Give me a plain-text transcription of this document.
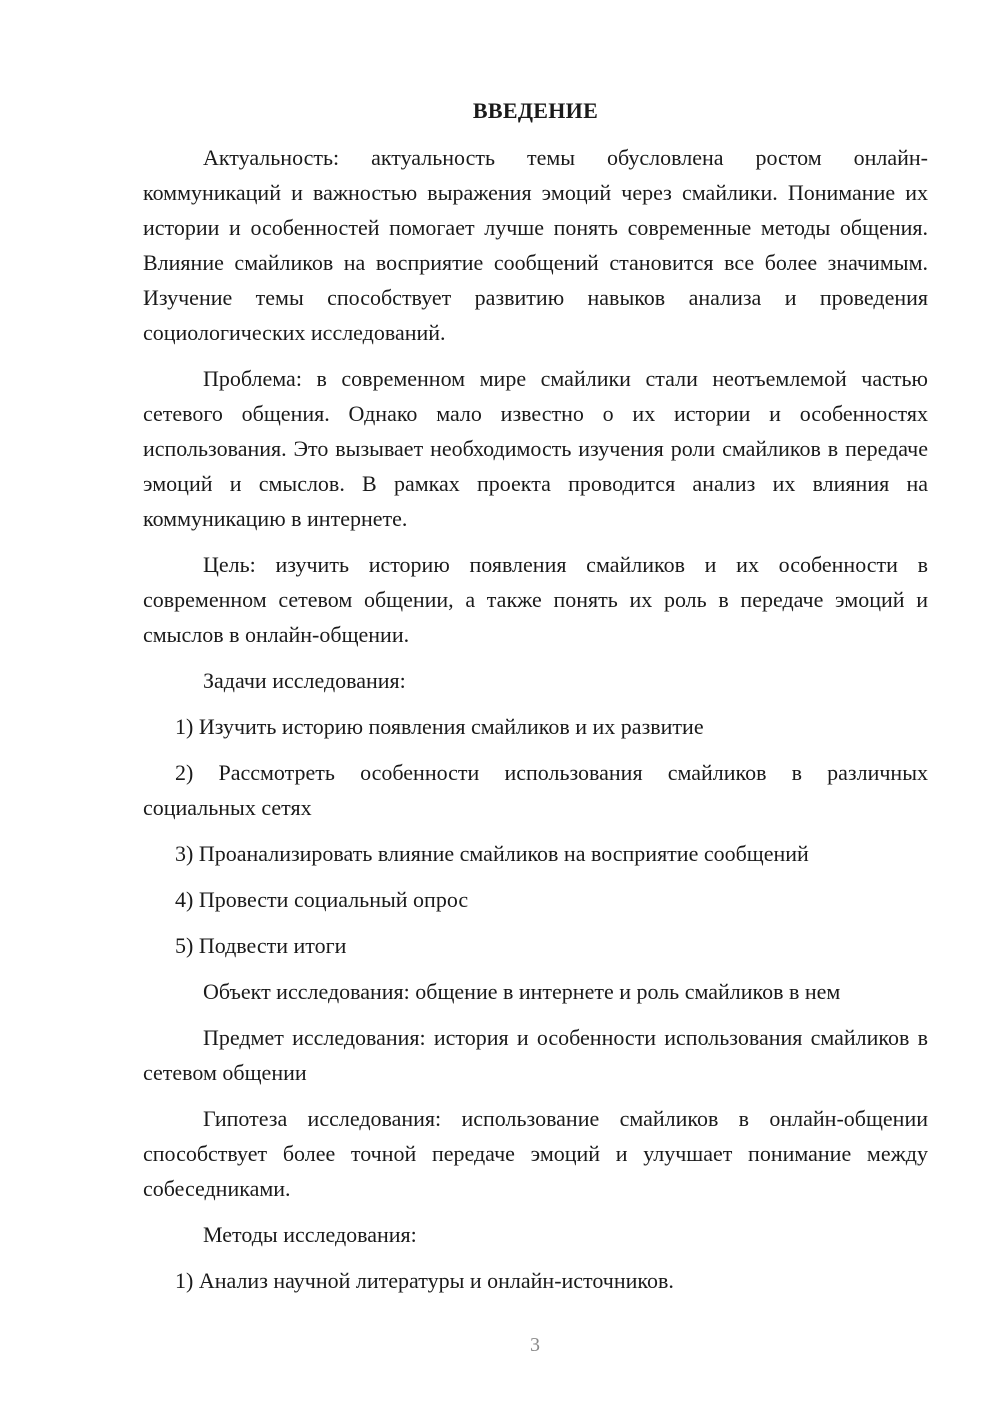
ВВЕДЕНИЕ

Актуальность: актуальность темы обусловлена ростом онлайн-коммуникаций и важностью выражения эмоций через смайлики. Понимание их истории и особенностей помогает лучше понять современные методы общения. Влияние смайликов на восприятие сообщений становится все более значимым. Изучение темы способствует развитию навыков анализа и проведения социологических исследований.

Проблема: в современном мире смайлики стали неотъемлемой частью сетевого общения. Однако мало известно о их истории и особенностях использования. Это вызывает необходимость изучения роли смайликов в передаче эмоций и смыслов. В рамках проекта проводится анализ их влияния на коммуникацию в интернете.

Цель: изучить историю появления смайликов и их особенности в современном сетевом общении, а также понять их роль в передаче эмоций и смыслов в онлайн-общении.

Задачи исследования:

1) Изучить историю появления смайликов и их развитие

2) Рассмотреть особенности использования смайликов в различных социальных сетях

3) Проанализировать влияние смайликов на восприятие сообщений

4) Провести социальный опрос

5) Подвести итоги

Объект исследования: общение в интернете и роль смайликов в нем

Предмет исследования: история и особенности использования смайликов в сетевом общении

Гипотеза исследования: использование смайликов в онлайн-общении способствует более точной передаче эмоций и улучшает понимание между собеседниками.

Методы исследования:

1) Анализ научной литературы и онлайн-источников.

3
